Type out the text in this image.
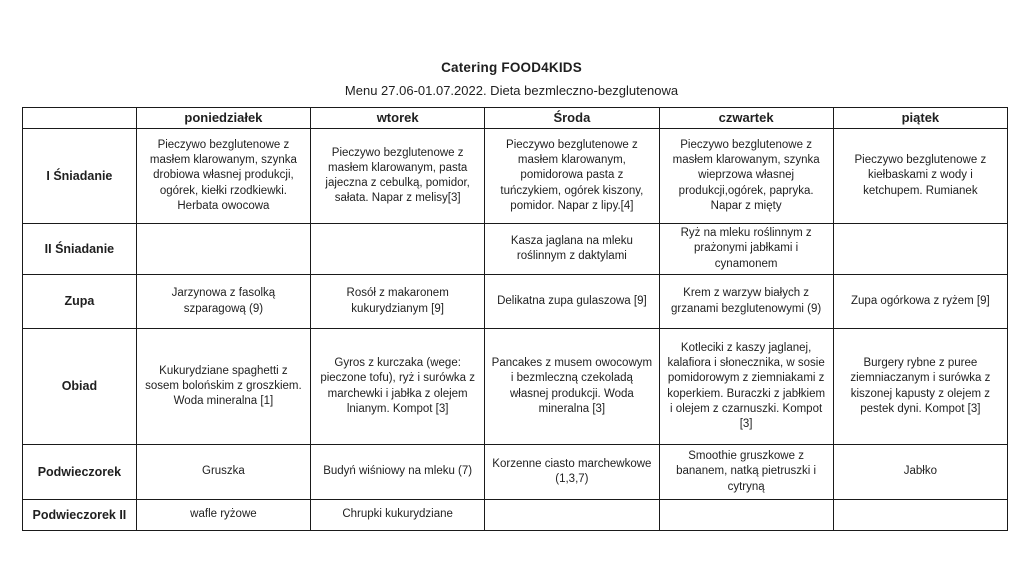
Catering FOOD4KIDS
Menu 27.06-01.07.2022. Dieta bezmleczno-bezglutenowa
	poniedziałek	wtorek	Środa	czwartek	piątek
I Śniadanie	Pieczywo bezglutenowe z masłem klarowanym, szynka drobiowa własnej produkcji, ogórek, kiełki rzodkiewki. Herbata owocowa	Pieczywo bezglutenowe z masłem klarowanym, pasta jajeczna z cebulką, pomidor, sałata. Napar z melisy[3]	Pieczywo bezglutenowe z masłem klarowanym, pomidorowa pasta z tuńczykiem, ogórek kiszony, pomidor. Napar z lipy.[4]	Pieczywo bezglutenowe z masłem klarowanym, szynka wieprzowa własnej produkcji,ogórek, papryka. Napar z mięty	Pieczywo bezglutenowe z kiełbaskami z wody i ketchupem. Rumianek
II Śniadanie			Kasza jaglana na mleku roślinnym z daktylami	Ryż na mleku roślinnym z prażonymi jabłkami i cynamonem	
Zupa	Jarzynowa z fasolką szparagową (9)	Rosół z makaronem kukurydzianym [9]	Delikatna zupa gulaszowa [9]	Krem z warzyw białych z grzanami bezglutenowymi (9)	Zupa ogórkowa z ryżem [9]
Obiad	Kukurydziane spaghetti z sosem bolońskim z groszkiem. Woda mineralna [1]	Gyros z kurczaka (wege: pieczone tofu), ryż i surówka z marchewki i jabłka z olejem lnianym. Kompot [3]	Pancakes z musem owocowym i bezmleczną czekoladą własnej produkcji. Woda mineralna [3]	Kotleciki z kaszy jaglanej, kalafiora i słonecznika, w sosie pomidorowym z ziemniakami z koperkiem. Buraczki z jabłkiem i olejem z czarnuszki. Kompot [3]	Burgery rybne z puree ziemniaczanym i surówka z kiszonej kapusty z olejem z pestek dyni. Kompot [3]
Podwieczorek	Gruszka	Budyń wiśniowy na mleku (7)	Korzenne ciasto marchewkowe (1,3,7)	Smoothie gruszkowe z bananem, natką pietruszki i cytryną	Jabłko
Podwieczorek II	wafle ryżowe	Chrupki kukurydziane			
